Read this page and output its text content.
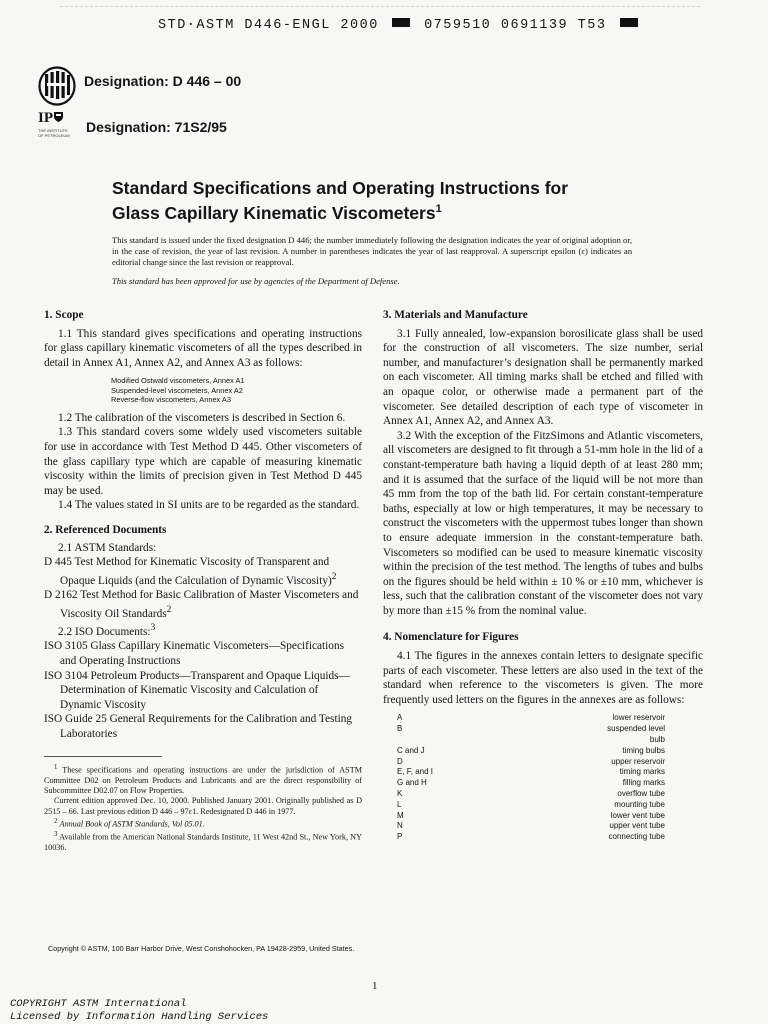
STD·ASTM D446-ENGL 2000	0759510 0691139 T53
Designation: D 446 – 00
IP
THE INSTITUTE
OF PETROLEUM	Designation: 71S2/95
Standard Specifications and Operating Instructions for
Glass Capillary Kinematic Viscometers$^1$
This standard is issued under the fixed designation D 446; the number immediately following the designation indicates the year of original adoption or, in the case of revision, the year of last revision. A number in parentheses indicates the year of last reapproval. A superscript epsilon (ε) indicates an editorial change since the last revision or reapproval.
This standard has been approved for use by agencies of the Department of Defense.
1. Scope

1.1 This standard gives specifications and operating instructions for glass capillary kinematic viscometers of all the types described in detail in Annex A1, Annex A2, and Annex A3 as follows:

Modified Ostwald viscometers, Annex A1
Suspended-level viscometers, Annex A2
Reverse-flow viscometers, Annex A3

1.2 The calibration of the viscometers is described in Section 6.

1.3 This standard covers some widely used viscometers suitable for use in accordance with Test Method D 445. Other viscometers of the glass capillary type which are capable of measuring kinematic viscosity within the limits of precision given in Test Method D 445 may be used.

1.4 The values stated in SI units are to be regarded as the standard.

2. Referenced Documents

2.1 ASTM Standards:

D 445 Test Method for Kinematic Viscosity of Transparent and Opaque Liquids (and the Calculation of Dynamic Viscosity)$^2$

D 2162 Test Method for Basic Calibration of Master Viscometers and Viscosity Oil Standards$^2$

2.2 ISO Documents:$^3$

ISO 3105 Glass Capillary Kinematic Viscometers—Specifications and Operating Instructions

ISO 3104 Petroleum Products—Transparent and Opaque Liquids—Determination of Kinematic Viscosity and Calculation of Dynamic Viscosity

ISO Guide 25 General Requirements for the Calibration and Testing Laboratories

$^1$ These specifications and operating instructions are under the jurisdiction of ASTM Committee D02 on Petroleum Products and Lubricants and are the direct responsibility of Subcommittee D02.07 on Flow Properties.

Current edition approved Dec. 10, 2000. Published January 2001. Originally published as D 2515 – 66. Last previous edition D 446 – 97ε1. Redesignated D 446 in 1977.

$^2$ Annual Book of ASTM Standards, Vol 05.01.

$^3$ Available from the American National Standards Institute, 11 West 42nd St., New York, NY 10036.

3. Materials and Manufacture

3.1 Fully annealed, low-expansion borosilicate glass shall be used for the construction of all viscometers. The size number, serial number, and manufacturer’s designation shall be permanently marked on each viscometer. All timing marks shall be etched and filled with an opaque color, or otherwise made a permanent part of the viscometer. See detailed description of each type of viscometer in Annex A1, Annex A2, and Annex A3.

3.2 With the exception of the FitzSimons and Atlantic viscometers, all viscometers are designed to fit through a 51-mm hole in the lid of a constant-temperature bath having a liquid depth of at least 280 mm; and it is assumed that the surface of the liquid will be not more than 45 mm from the top of the bath lid. For certain constant-temperature baths, especially at low or high temperatures, it may be necessary to construct the viscometers with the uppermost tubes longer than shown to ensure adequate immersion in the constant-temperature bath. Viscometers so modified can be used to measure kinematic viscosity within the precision of the test method. The lengths of tubes and bulbs on the figures should be held within ± 10 % or ±10 mm, whichever is less, such that the calibration constant of the viscometer does not vary by more than ±15 % from the nominal value.

4. Nomenclature for Figures

4.1 The figures in the annexes contain letters to designate specific parts of each viscometer. These letters are also used in the text of the standard when reference to the viscometers is given. The more frequently used letters on the figures in the annexes are as follows:

A	lower reservoir
B	suspended level
bulb
C and J	timing bulbs
D	upper reservoir
E, F, and I	timing marks
G and H	filling marks
K	overflow tube
L	mounting tube
M	lower vent tube
N	upper vent tube
P	connecting tube
Copyright © ASTM, 100 Barr Harbor Drive, West Conshohocken, PA 19428-2959, United States.
1
COPYRIGHT ASTM International
Licensed by Information Handling Services
